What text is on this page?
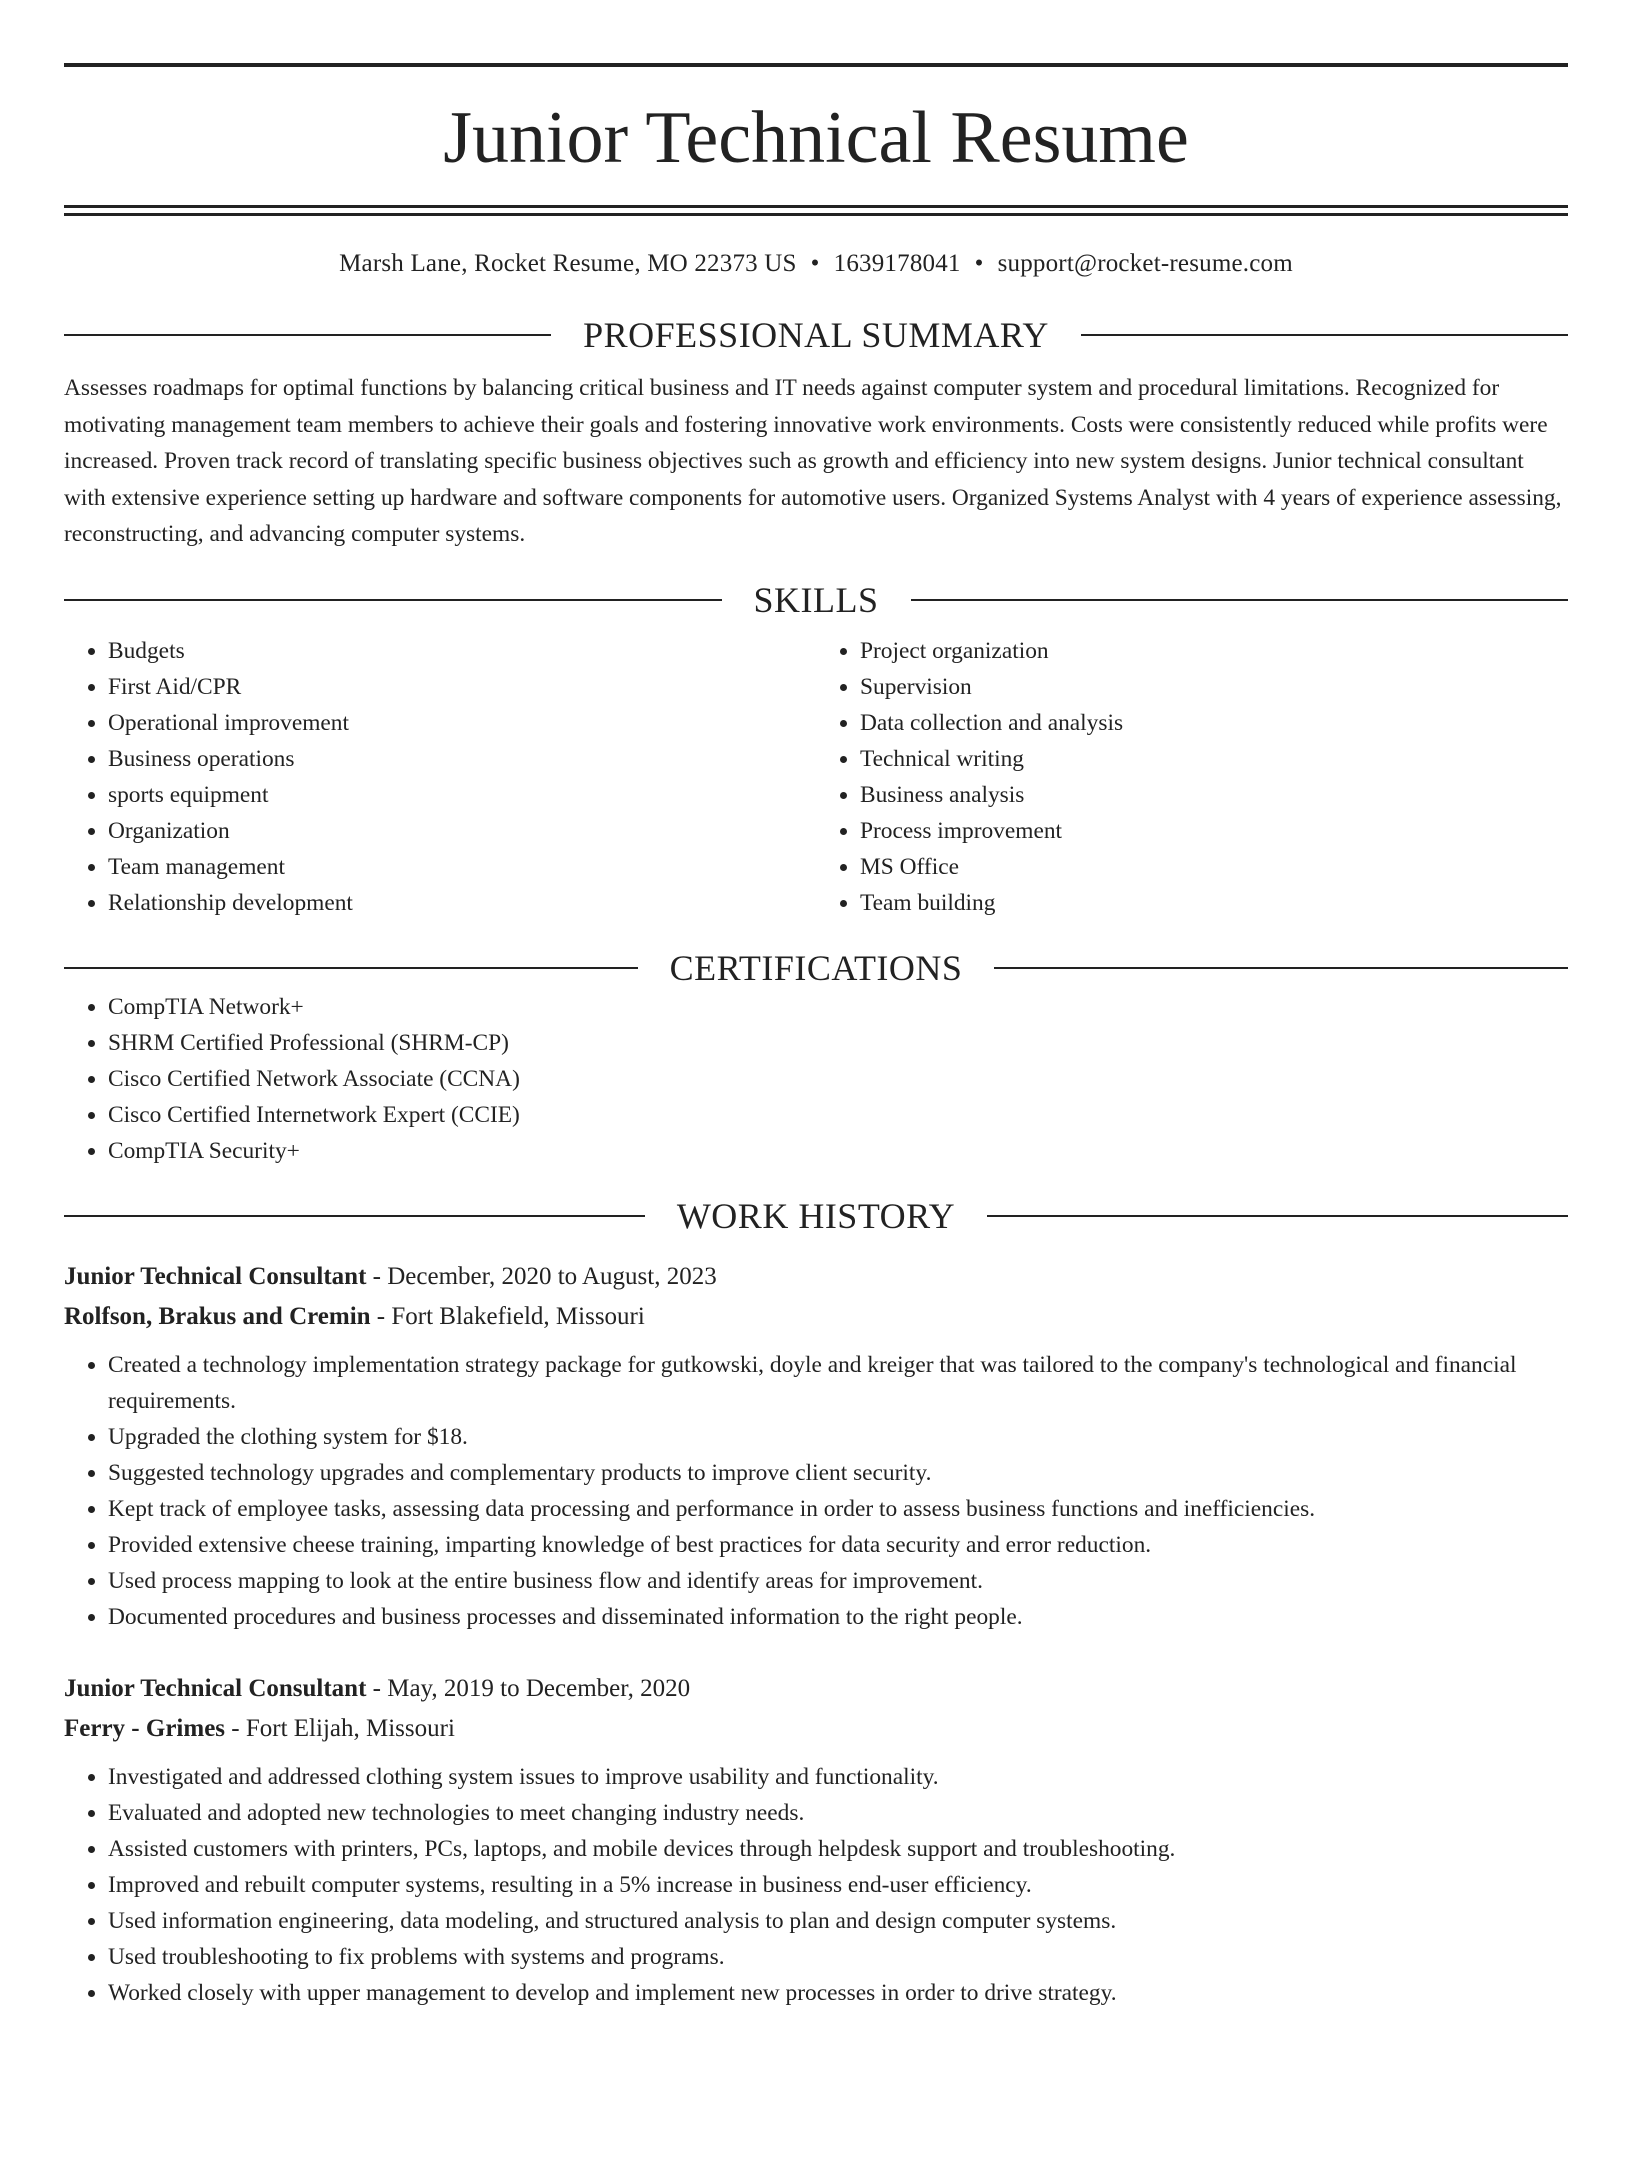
Junior Technical Resume
Marsh Lane, Rocket Resume, MO 22373 US • 1639178041 • support@rocket-resume.com
PROFESSIONAL SUMMARY

Assesses roadmaps for optimal functions by balancing critical business and IT needs against computer system and procedural limitations. Recognized for motivating management team members to achieve their goals and fostering innovative work environments. Costs were consistently reduced while profits were increased. Proven track record of translating specific business objectives such as growth and efficiency into new system designs. Junior technical consultant with extensive experience setting up hardware and software components for automotive users. Organized Systems Analyst with 4 years of experience assessing, reconstructing, and advancing computer systems.

SKILLS
• Budgets
• First Aid/CPR
• Operational improvement
• Business operations
• sports equipment
• Organization
• Team management
• Relationship development
• Project organization
• Supervision
• Data collection and analysis
• Technical writing
• Business analysis
• Process improvement
• MS Office
• Team building
CERTIFICATIONS
• CompTIA Network+
• SHRM Certified Professional (SHRM-CP)
• Cisco Certified Network Associate (CCNA)
• Cisco Certified Internetwork Expert (CCIE)
• CompTIA Security+
WORK HISTORY
Junior Technical Consultant - December, 2020 to August, 2023
Rolfson, Brakus and Cremin - Fort Blakefield, Missouri
• Created a technology implementation strategy package for gutkowski, doyle and kreiger that was tailored to the company's technological and financial requirements.
• Upgraded the clothing system for $18.
• Suggested technology upgrades and complementary products to improve client security.
• Kept track of employee tasks, assessing data processing and performance in order to assess business functions and inefficiencies.
• Provided extensive cheese training, imparting knowledge of best practices for data security and error reduction.
• Used process mapping to look at the entire business flow and identify areas for improvement.
• Documented procedures and business processes and disseminated information to the right people.
Junior Technical Consultant - May, 2019 to December, 2020
Ferry - Grimes - Fort Elijah, Missouri
• Investigated and addressed clothing system issues to improve usability and functionality.
• Evaluated and adopted new technologies to meet changing industry needs.
• Assisted customers with printers, PCs, laptops, and mobile devices through helpdesk support and troubleshooting.
• Improved and rebuilt computer systems, resulting in a 5% increase in business end-user efficiency.
• Used information engineering, data modeling, and structured analysis to plan and design computer systems.
• Used troubleshooting to fix problems with systems and programs.
• Worked closely with upper management to develop and implement new processes in order to drive strategy.
